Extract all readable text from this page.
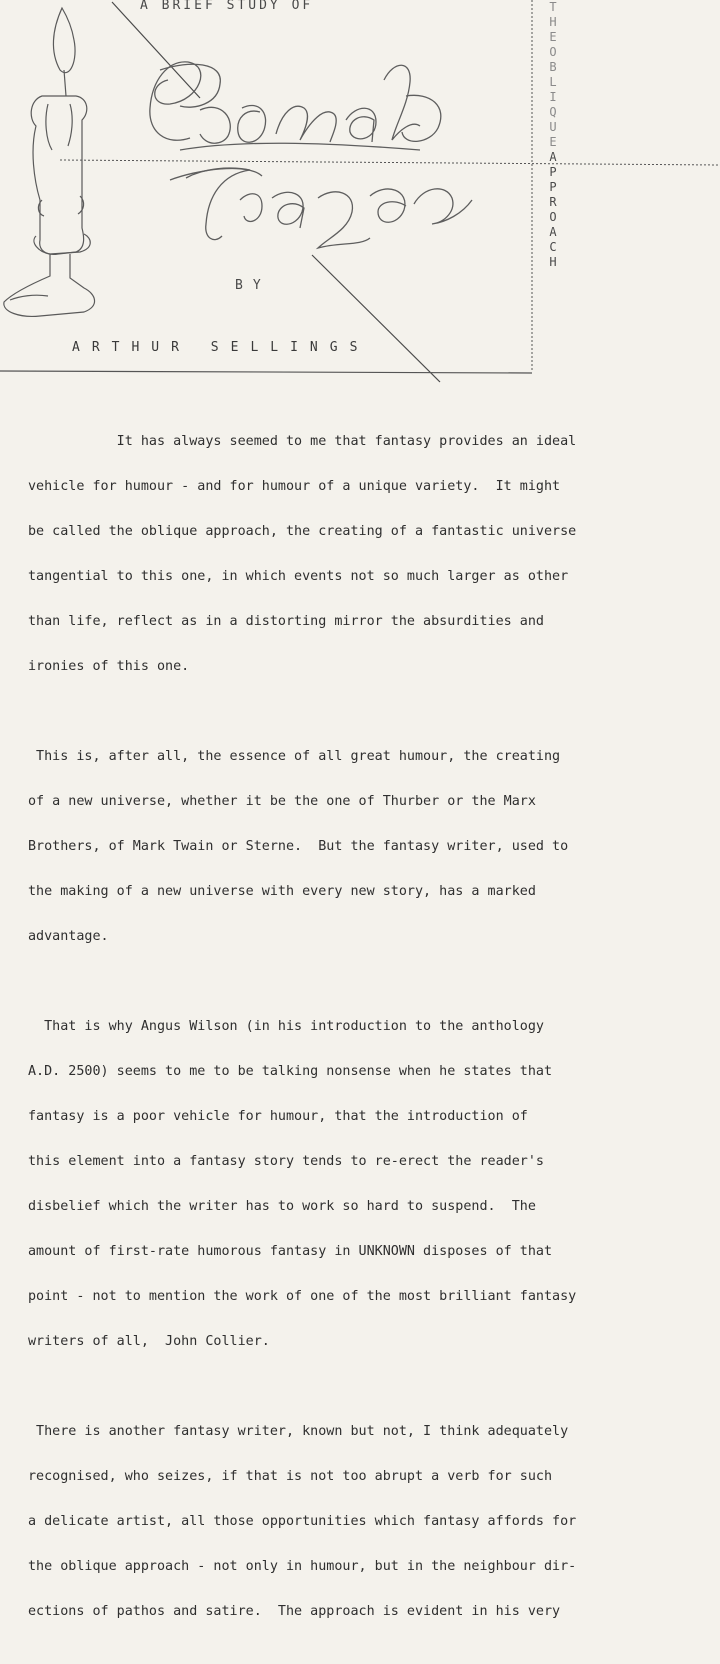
A BRIEF STUDY OF
BY
ARTHUR SELLINGS
T
H
E
O
B
L
I
Q
U
E
A
P
P
R
O
A
C
H

It has always seemed to me that fantasy provides an ideal

vehicle for humour - and for humour of a unique variety.  It might

be called the oblique approach, the creating of a fantastic universe

tangential to this one, in which events not so much larger as other

than life, reflect as in a distorting mirror the absurdities and

ironies of this one.

This is, after all, the essence of all great humour, the creating

of a new universe, whether it be the one of Thurber or the Marx

Brothers, of Mark Twain or Sterne.  But the fantasy writer, used to

the making of a new universe with every new story, has a marked

advantage.

That is why Angus Wilson (in his introduction to the anthology

A.D. 2500) seems to me to be talking nonsense when he states that

fantasy is a poor vehicle for humour, that the introduction of

this element into a fantasy story tends to re-erect the reader's

disbelief which the writer has to work so hard to suspend.  The

amount of first-rate humorous fantasy in UNKNOWN disposes of that

point - not to mention the work of one of the most brilliant fantasy

writers of all,  John Collier.

There is another fantasy writer, known but not, I think adequately

recognised, who seizes, if that is not too abrupt a verb for such

a delicate artist, all those opportunities which fantasy affords for

the oblique approach - not only in humour, but in the neighbour dir-

ections of pathos and satire.  The approach is evident in his very
